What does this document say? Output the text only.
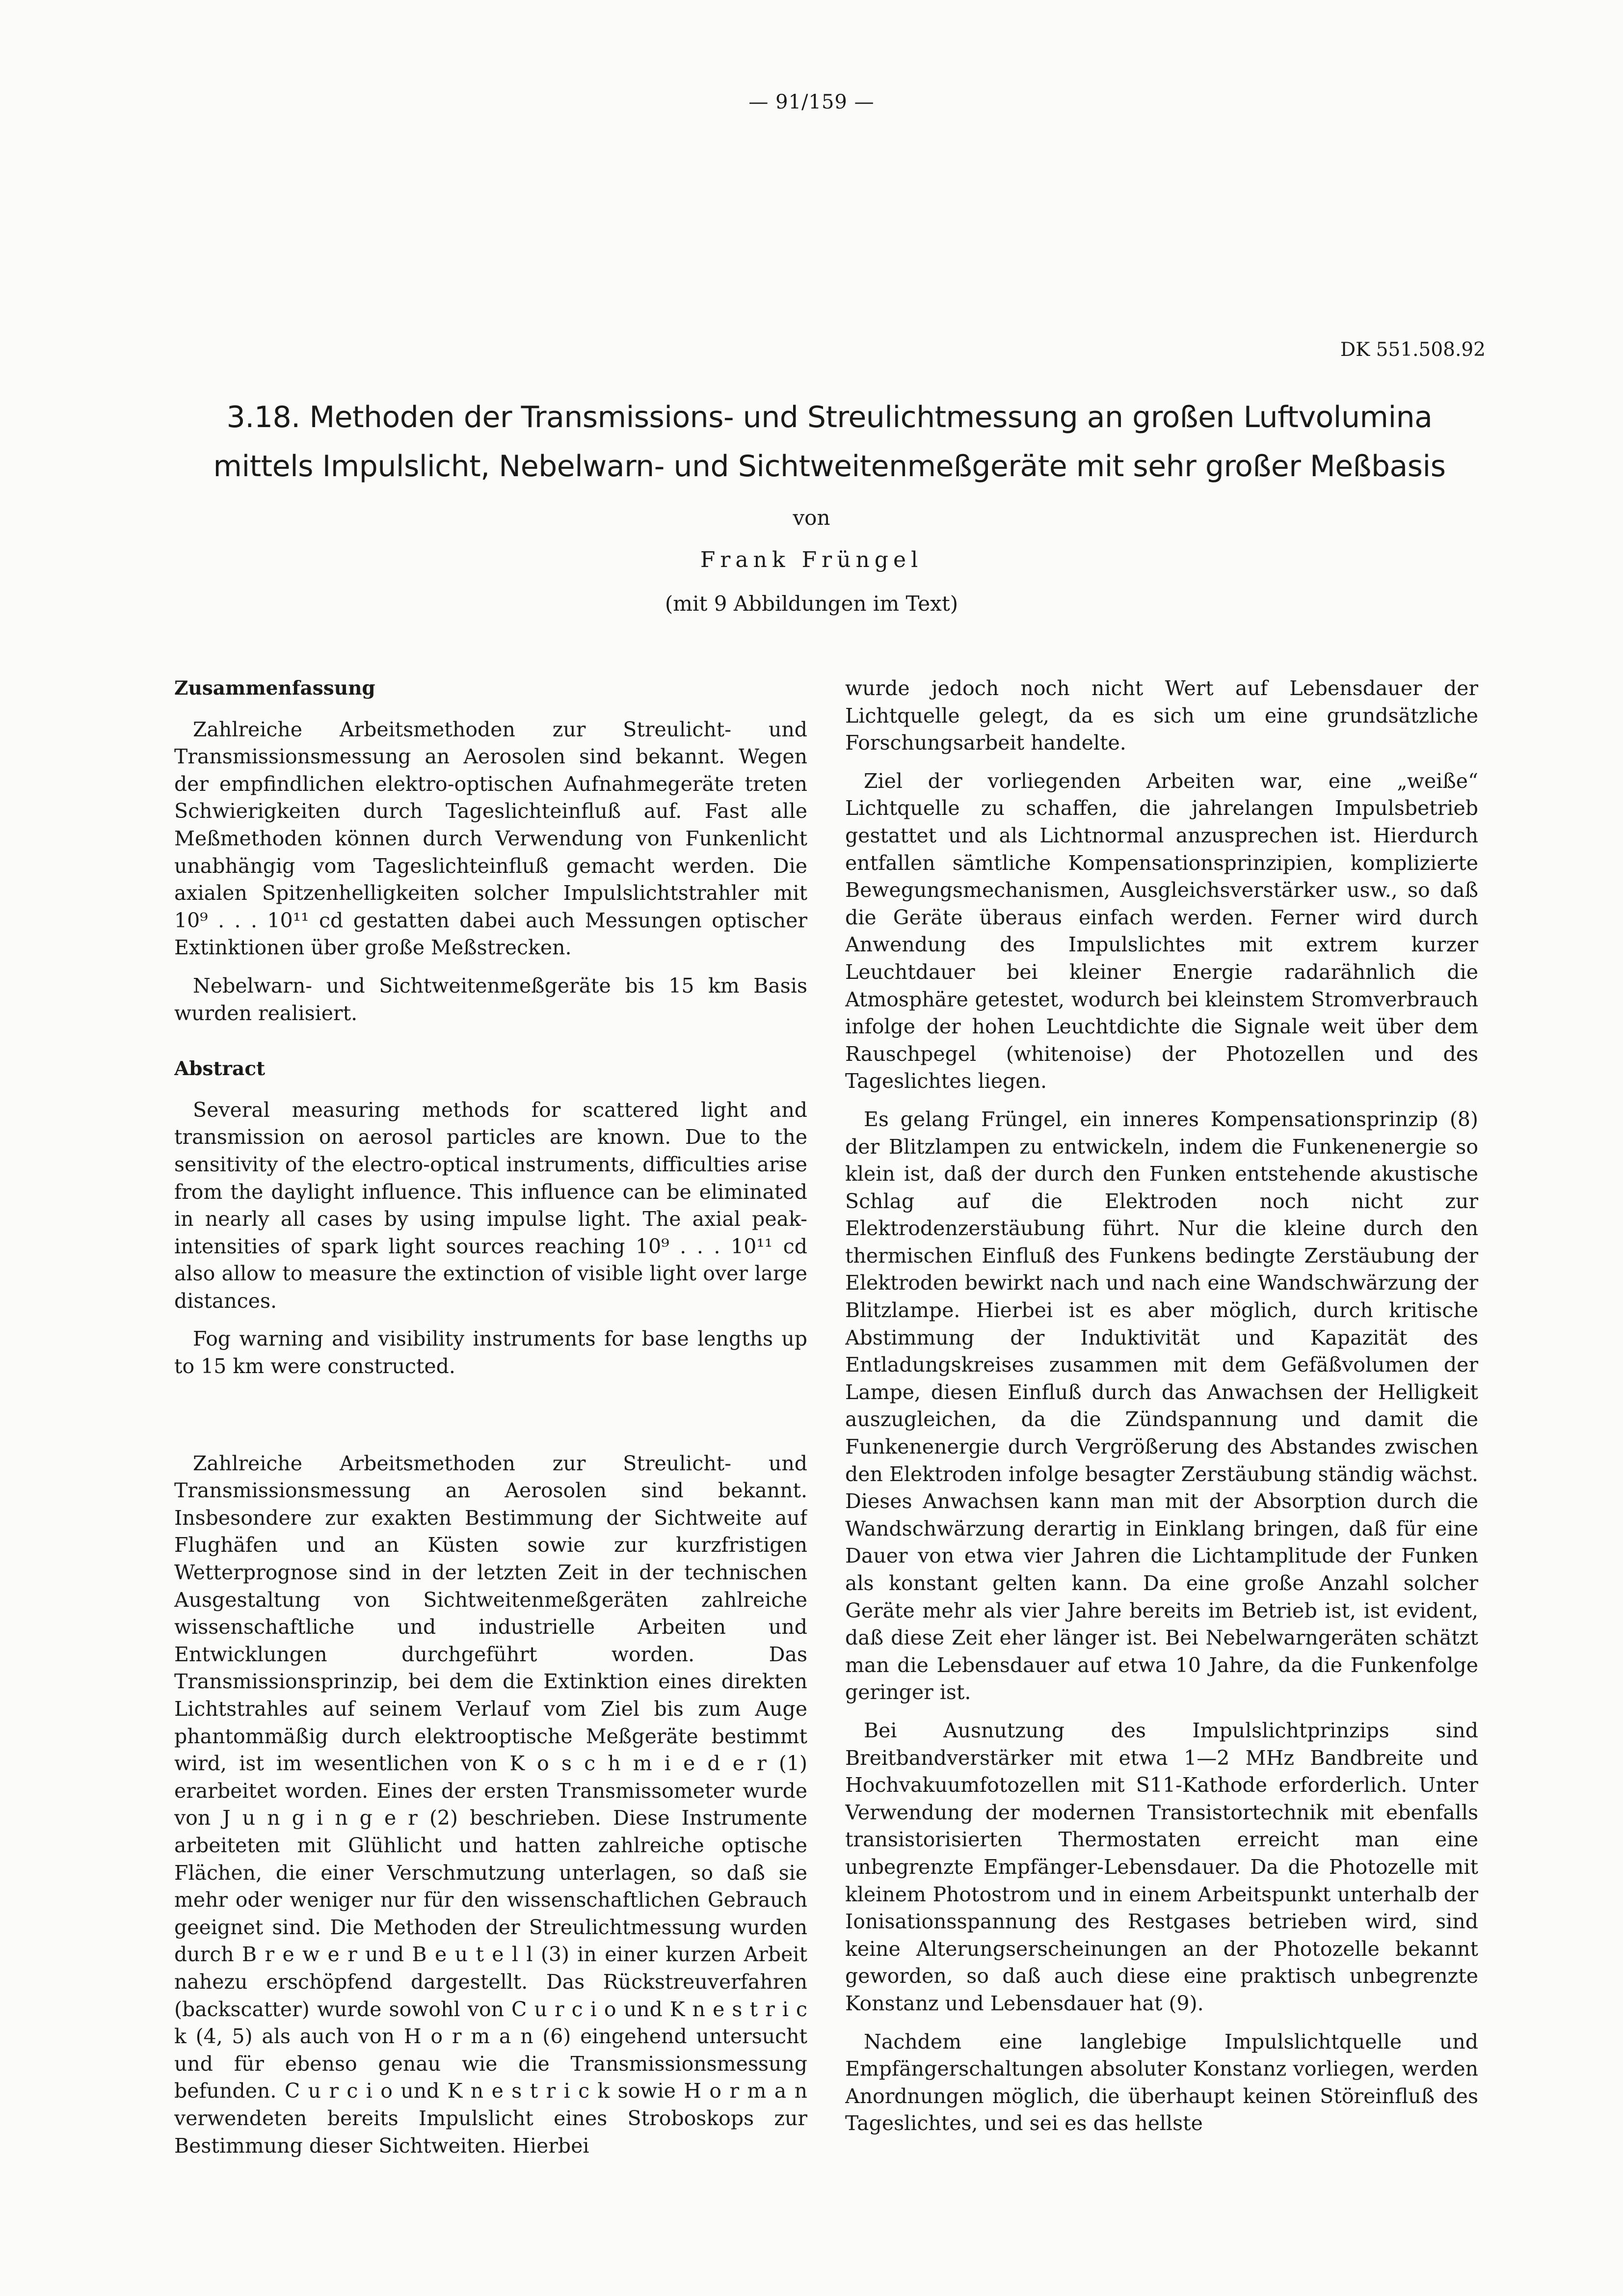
— 91/159 —
DK 551.508.92
3.18. Methoden der Transmissions- und Streulichtmessung an großen Luftvolumina
mittels Impulslicht, Nebelwarn- und Sichtweitenmeßgeräte mit sehr großer Meßbasis
von
Frank Früngel
(mit 9 Abbildungen im Text)
Zusammenfassung

Zahlreiche Arbeitsmethoden zur Streulicht- und Transmissionsmessung an Aerosolen sind bekannt. Wegen der empfindlichen elektro-optischen Aufnahmegeräte treten Schwierigkeiten durch Tageslichteinfluß auf. Fast alle Meßmethoden können durch Verwendung von Funkenlicht unabhängig vom Tageslichteinfluß gemacht werden. Die axialen Spitzenhelligkeiten solcher Impulslichtstrahler mit 10⁹ . . . 10¹¹ cd gestatten dabei auch Messungen optischer Extinktionen über große Meßstrecken.

Nebelwarn- und Sichtweitenmeßgeräte bis 15 km Basis wurden realisiert.

Abstract

Several measuring methods for scattered light and transmission on aerosol particles are known. Due to the sensitivity of the electro-optical instruments, difficulties arise from the daylight influence. This influence can be eliminated in nearly all cases by using impulse light. The axial peak-intensities of spark light sources reaching 10⁹ . . . 10¹¹ cd also allow to measure the extinction of visible light over large distances.

Fog warning and visibility instruments for base lengths up to 15 km were constructed.

Zahlreiche Arbeitsmethoden zur Streulicht- und Transmissionsmessung an Aerosolen sind bekannt. Insbesondere zur exakten Bestimmung der Sichtweite auf Flughäfen und an Küsten sowie zur kurzfristigen Wetterprognose sind in der letzten Zeit in der technischen Ausgestaltung von Sichtweitenmeßgeräten zahlreiche wissenschaftliche und industrielle Arbeiten und Entwicklungen durchgeführt worden. Das Transmissionsprinzip, bei dem die Extinktion eines direkten Lichtstrahles auf seinem Verlauf vom Ziel bis zum Auge phantommäßig durch elektrooptische Meßgeräte bestimmt wird, ist im wesentlichen von K o s c h m i e d e r (1) erarbeitet worden. Eines der ersten Transmissometer wurde von J u n g i n g e r (2) beschrieben. Diese Instrumente arbeiteten mit Glühlicht und hatten zahlreiche optische Flächen, die einer Verschmutzung unterlagen, so daß sie mehr oder weniger nur für den wissenschaftlichen Gebrauch geeignet sind. Die Methoden der Streulichtmessung wurden durch B r e w e r und B e u t e l l (3) in einer kurzen Arbeit nahezu erschöpfend dargestellt. Das Rückstreuverfahren (backscatter) wurde sowohl von C u r c i o und K n e s t r i c k (4, 5) als auch von H o r m a n (6) eingehend untersucht und für ebenso genau wie die Transmissionsmessung befunden. C u r c i o und K n e s t r i c k sowie H o r m a n verwendeten bereits Impulslicht eines Stroboskops zur Bestimmung dieser Sichtweiten. Hierbei

wurde jedoch noch nicht Wert auf Lebensdauer der Lichtquelle gelegt, da es sich um eine grundsätzliche Forschungsarbeit handelte.

Ziel der vorliegenden Arbeiten war, eine „weiße“ Lichtquelle zu schaffen, die jahrelangen Impulsbetrieb gestattet und als Lichtnormal anzusprechen ist. Hierdurch entfallen sämtliche Kompensationsprinzipien, komplizierte Bewegungsmechanismen, Ausgleichsverstärker usw., so daß die Geräte überaus einfach werden. Ferner wird durch Anwendung des Impulslichtes mit extrem kurzer Leuchtdauer bei kleiner Energie radarähnlich die Atmosphäre getestet, wodurch bei kleinstem Stromverbrauch infolge der hohen Leuchtdichte die Signale weit über dem Rauschpegel (whitenoise) der Photozellen und des Tageslichtes liegen.

Es gelang Früngel, ein inneres Kompensationsprinzip (8) der Blitzlampen zu entwickeln, indem die Funkenenergie so klein ist, daß der durch den Funken entstehende akustische Schlag auf die Elektroden noch nicht zur Elektrodenzerstäubung führt. Nur die kleine durch den thermischen Einfluß des Funkens bedingte Zerstäubung der Elektroden bewirkt nach und nach eine Wandschwärzung der Blitzlampe. Hierbei ist es aber möglich, durch kritische Abstimmung der Induktivität und Kapazität des Entladungskreises zusammen mit dem Gefäßvolumen der Lampe, diesen Einfluß durch das Anwachsen der Helligkeit auszugleichen, da die Zündspannung und damit die Funkenenergie durch Vergrößerung des Abstandes zwischen den Elektroden infolge besagter Zerstäubung ständig wächst. Dieses Anwachsen kann man mit der Absorption durch die Wandschwärzung derartig in Einklang bringen, daß für eine Dauer von etwa vier Jahren die Lichtamplitude der Funken als konstant gelten kann. Da eine große Anzahl solcher Geräte mehr als vier Jahre bereits im Betrieb ist, ist evident, daß diese Zeit eher länger ist. Bei Nebelwarngeräten schätzt man die Lebensdauer auf etwa 10 Jahre, da die Funkenfolge geringer ist.

Bei Ausnutzung des Impulslichtprinzips sind Breitbandverstärker mit etwa 1—2 MHz Bandbreite und Hochvakuumfotozellen mit S11-Kathode erforderlich. Unter Verwendung der modernen Transistortechnik mit ebenfalls transistorisierten Thermostaten erreicht man eine unbegrenzte Empfänger-Lebensdauer. Da die Photozelle mit kleinem Photostrom und in einem Arbeitspunkt unterhalb der Ionisationsspannung des Restgases betrieben wird, sind keine Alterungserscheinungen an der Photozelle bekannt geworden, so daß auch diese eine praktisch unbegrenzte Konstanz und Lebensdauer hat (9).

Nachdem eine langlebige Impulslichtquelle und Empfängerschaltungen absoluter Konstanz vorliegen, werden Anordnungen möglich, die überhaupt keinen Störeinfluß des Tageslichtes, und sei es das hellste
